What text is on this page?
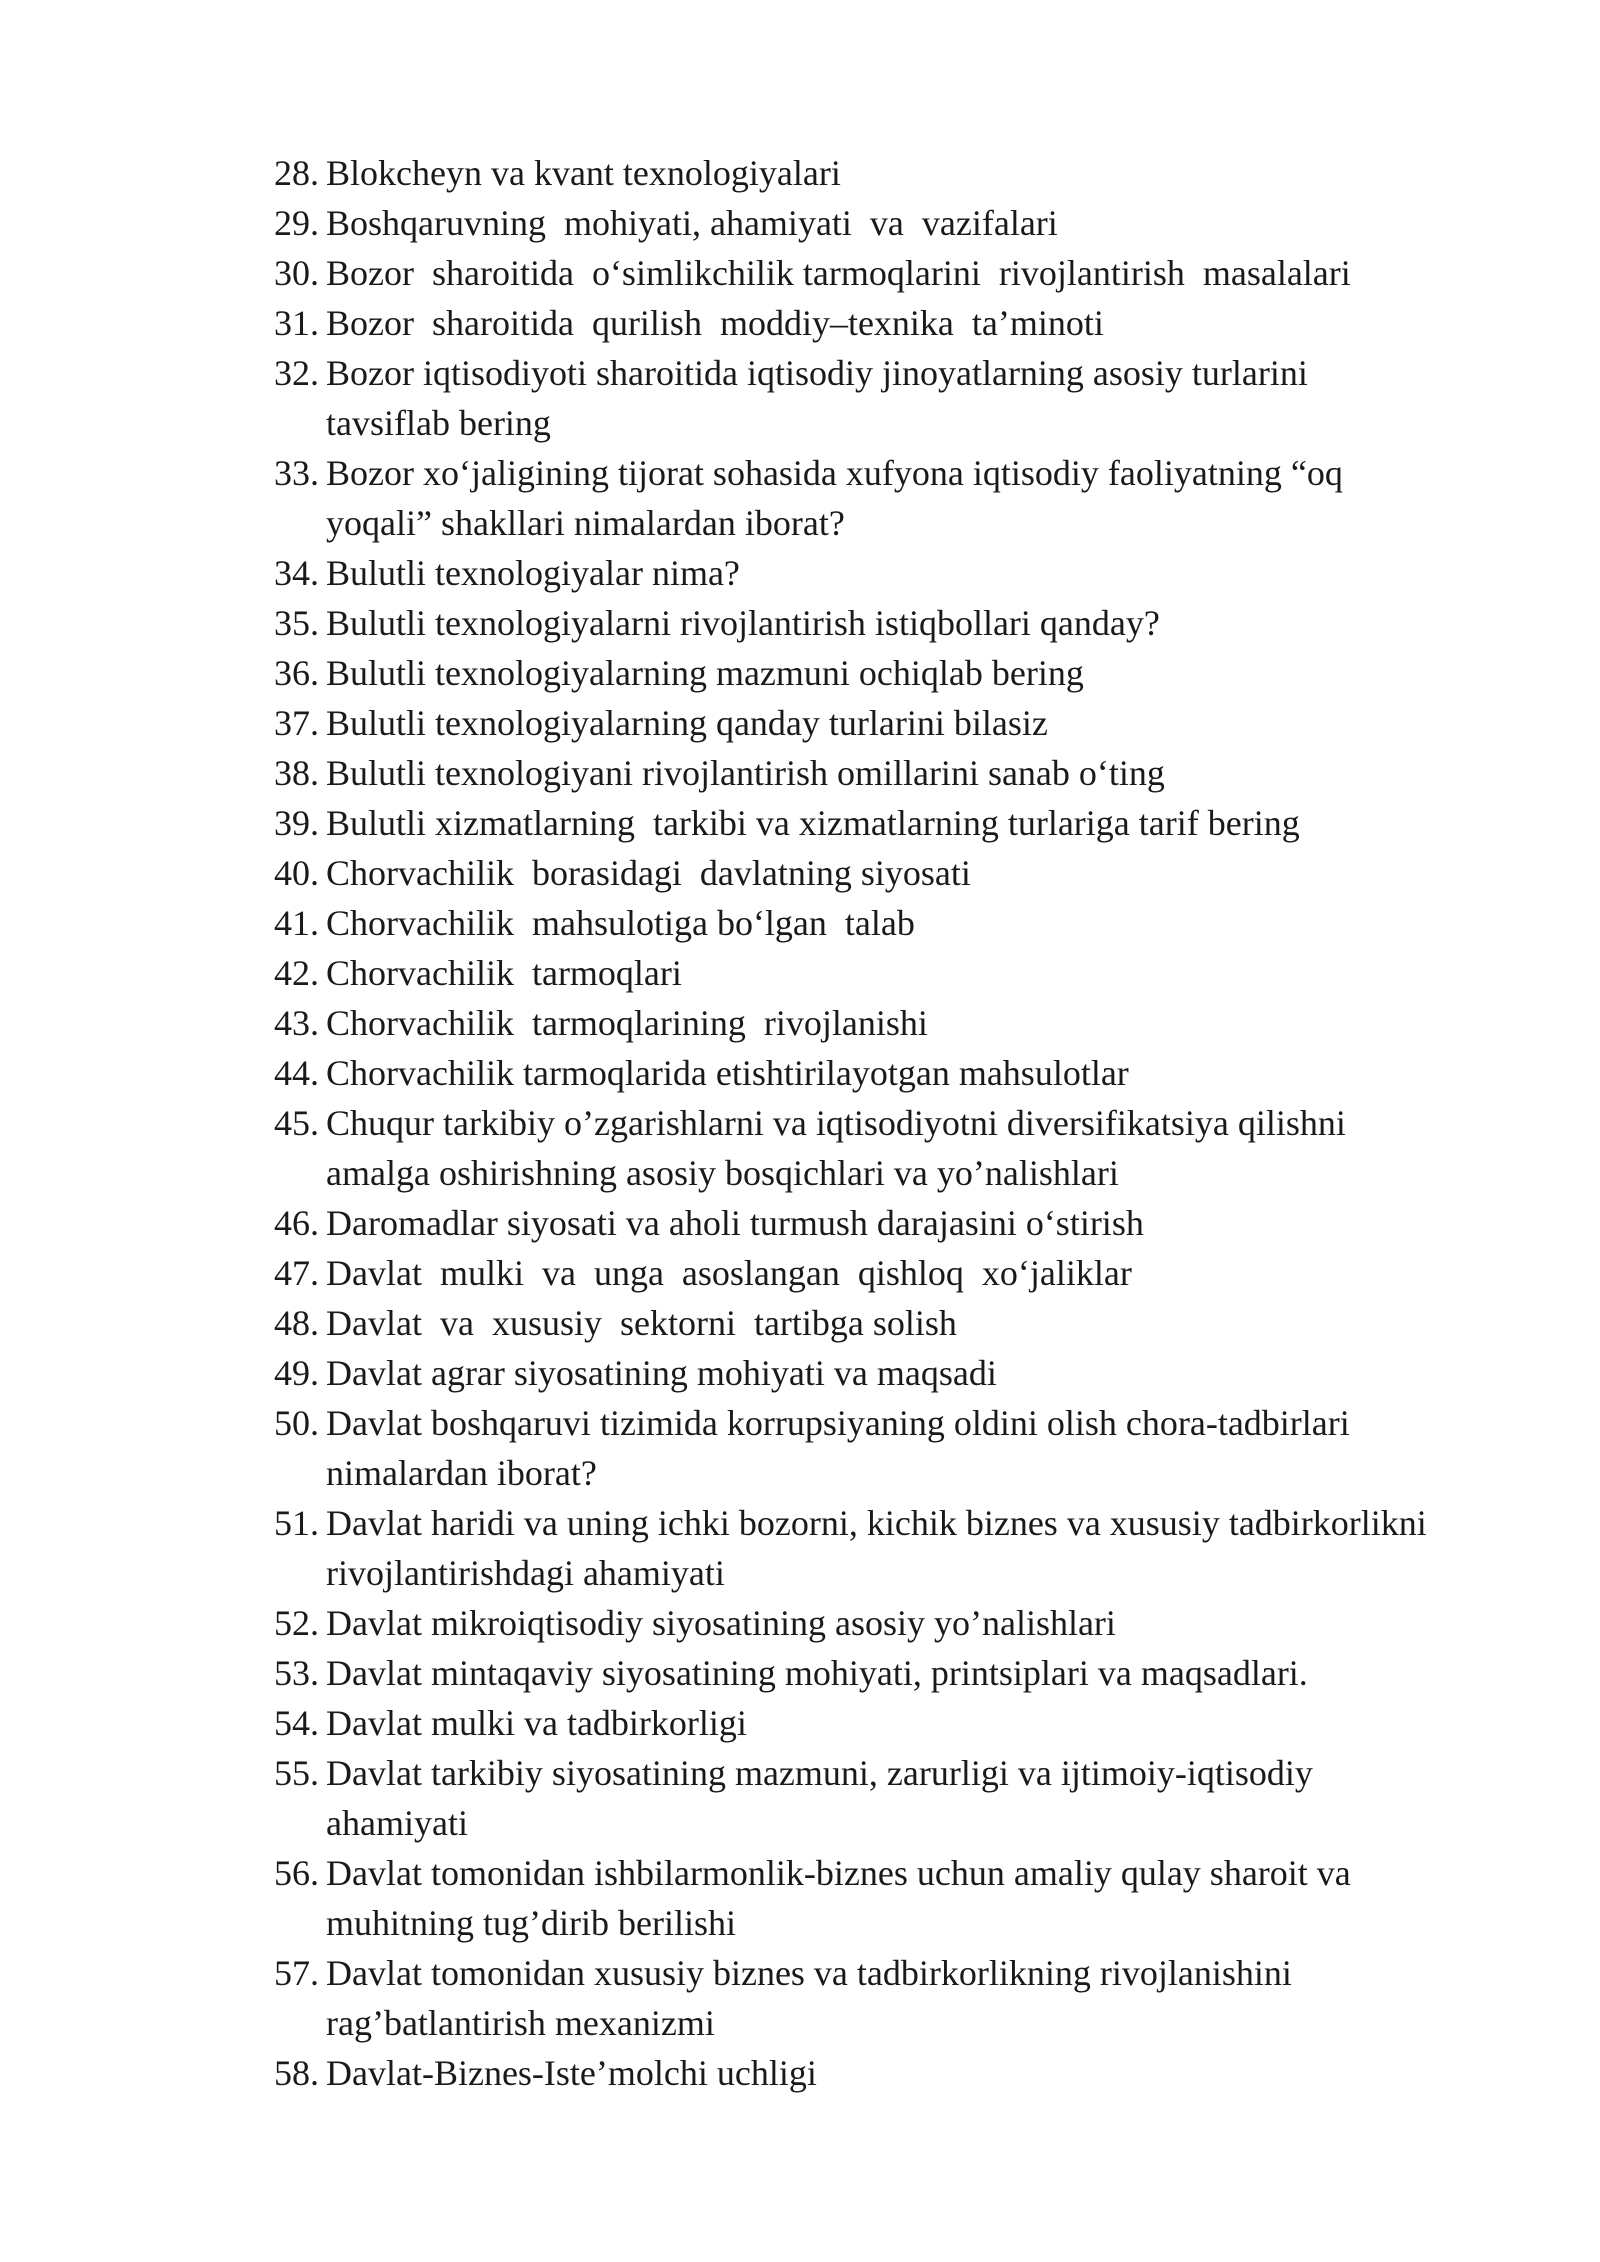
28. Blokcheyn va kvant texnologiyalari
29. Boshqaruvning  mohiyati, ahamiyati  va  vazifalari
30. Bozor  sharoitida  o‘simlikchilik tarmoqlarini  rivojlantirish  masalalari
31. Bozor  sharoitida  qurilish  moddiy–texnika  ta’minoti
32. Bozor iqtisodiyoti sharoitida iqtisodiy jinoyatlarning asosiy turlarini
tavsiflab bering
33. Bozor xo‘jaligining tijorat sohasida xufyona iqtisodiy faoliyatning “oq
yoqali” shakllari nimalardan iborat?
34. Bulutli texnologiyalar nima?
35. Bulutli texnologiyalarni rivojlantirish istiqbollari qanday?
36. Bulutli texnologiyalarning mazmuni ochiqlab bering
37. Bulutli texnologiyalarning qanday turlarini bilasiz
38. Bulutli texnologiyani rivojlantirish omillarini sanab o‘ting
39. Bulutli xizmatlarning  tarkibi va xizmatlarning turlariga tarif bering
40. Chorvachilik  borasidagi  davlatning siyosati
41. Chorvachilik  mahsulotiga bo‘lgan  talab
42. Chorvachilik  tarmoqlari
43. Chorvachilik  tarmoqlarining  rivojlanishi
44. Chorvachilik tarmoqlarida etishtirilayotgan mahsulotlar
45. Chuqur tarkibiy o’zgarishlarni va iqtisodiyotni diversifikatsiya qilishni
amalga oshirishning asosiy bosqichlari va yo’nalishlari
46. Daromadlar siyosati va aholi turmush darajasini o‘stirish
47. Davlat  mulki  va  unga  asoslangan  qishloq  xo‘jaliklar
48. Davlat  va  xususiy  sektorni  tartibga solish
49. Davlat agrar siyosatining mohiyati va maqsadi
50. Davlat boshqaruvi tizimida korrupsiyaning oldini olish chora-tadbirlari
nimalardan iborat?
51. Davlat haridi va uning ichki bozorni, kichik biznes va xususiy tadbirkorlikni
rivojlantirishdagi ahamiyati
52. Davlat mikroiqtisodiy siyosatining asosiy yo’nalishlari
53. Davlat mintaqaviy siyosatining mohiyati, printsiplari va maqsadlari.
54. Davlat mulki va tadbirkorligi
55. Davlat tarkibiy siyosatining mazmuni, zarurligi va ijtimoiy-iqtisodiy
ahamiyati
56. Davlat tomonidan ishbilarmonlik-biznes uchun amaliy qulay sharoit va
muhitning tug’dirib berilishi
57. Davlat tomonidan xususiy biznes va tadbirkorlikning rivojlanishini
rag’batlantirish mexanizmi
58. Davlat-Biznes-Iste’molchi uchligi
